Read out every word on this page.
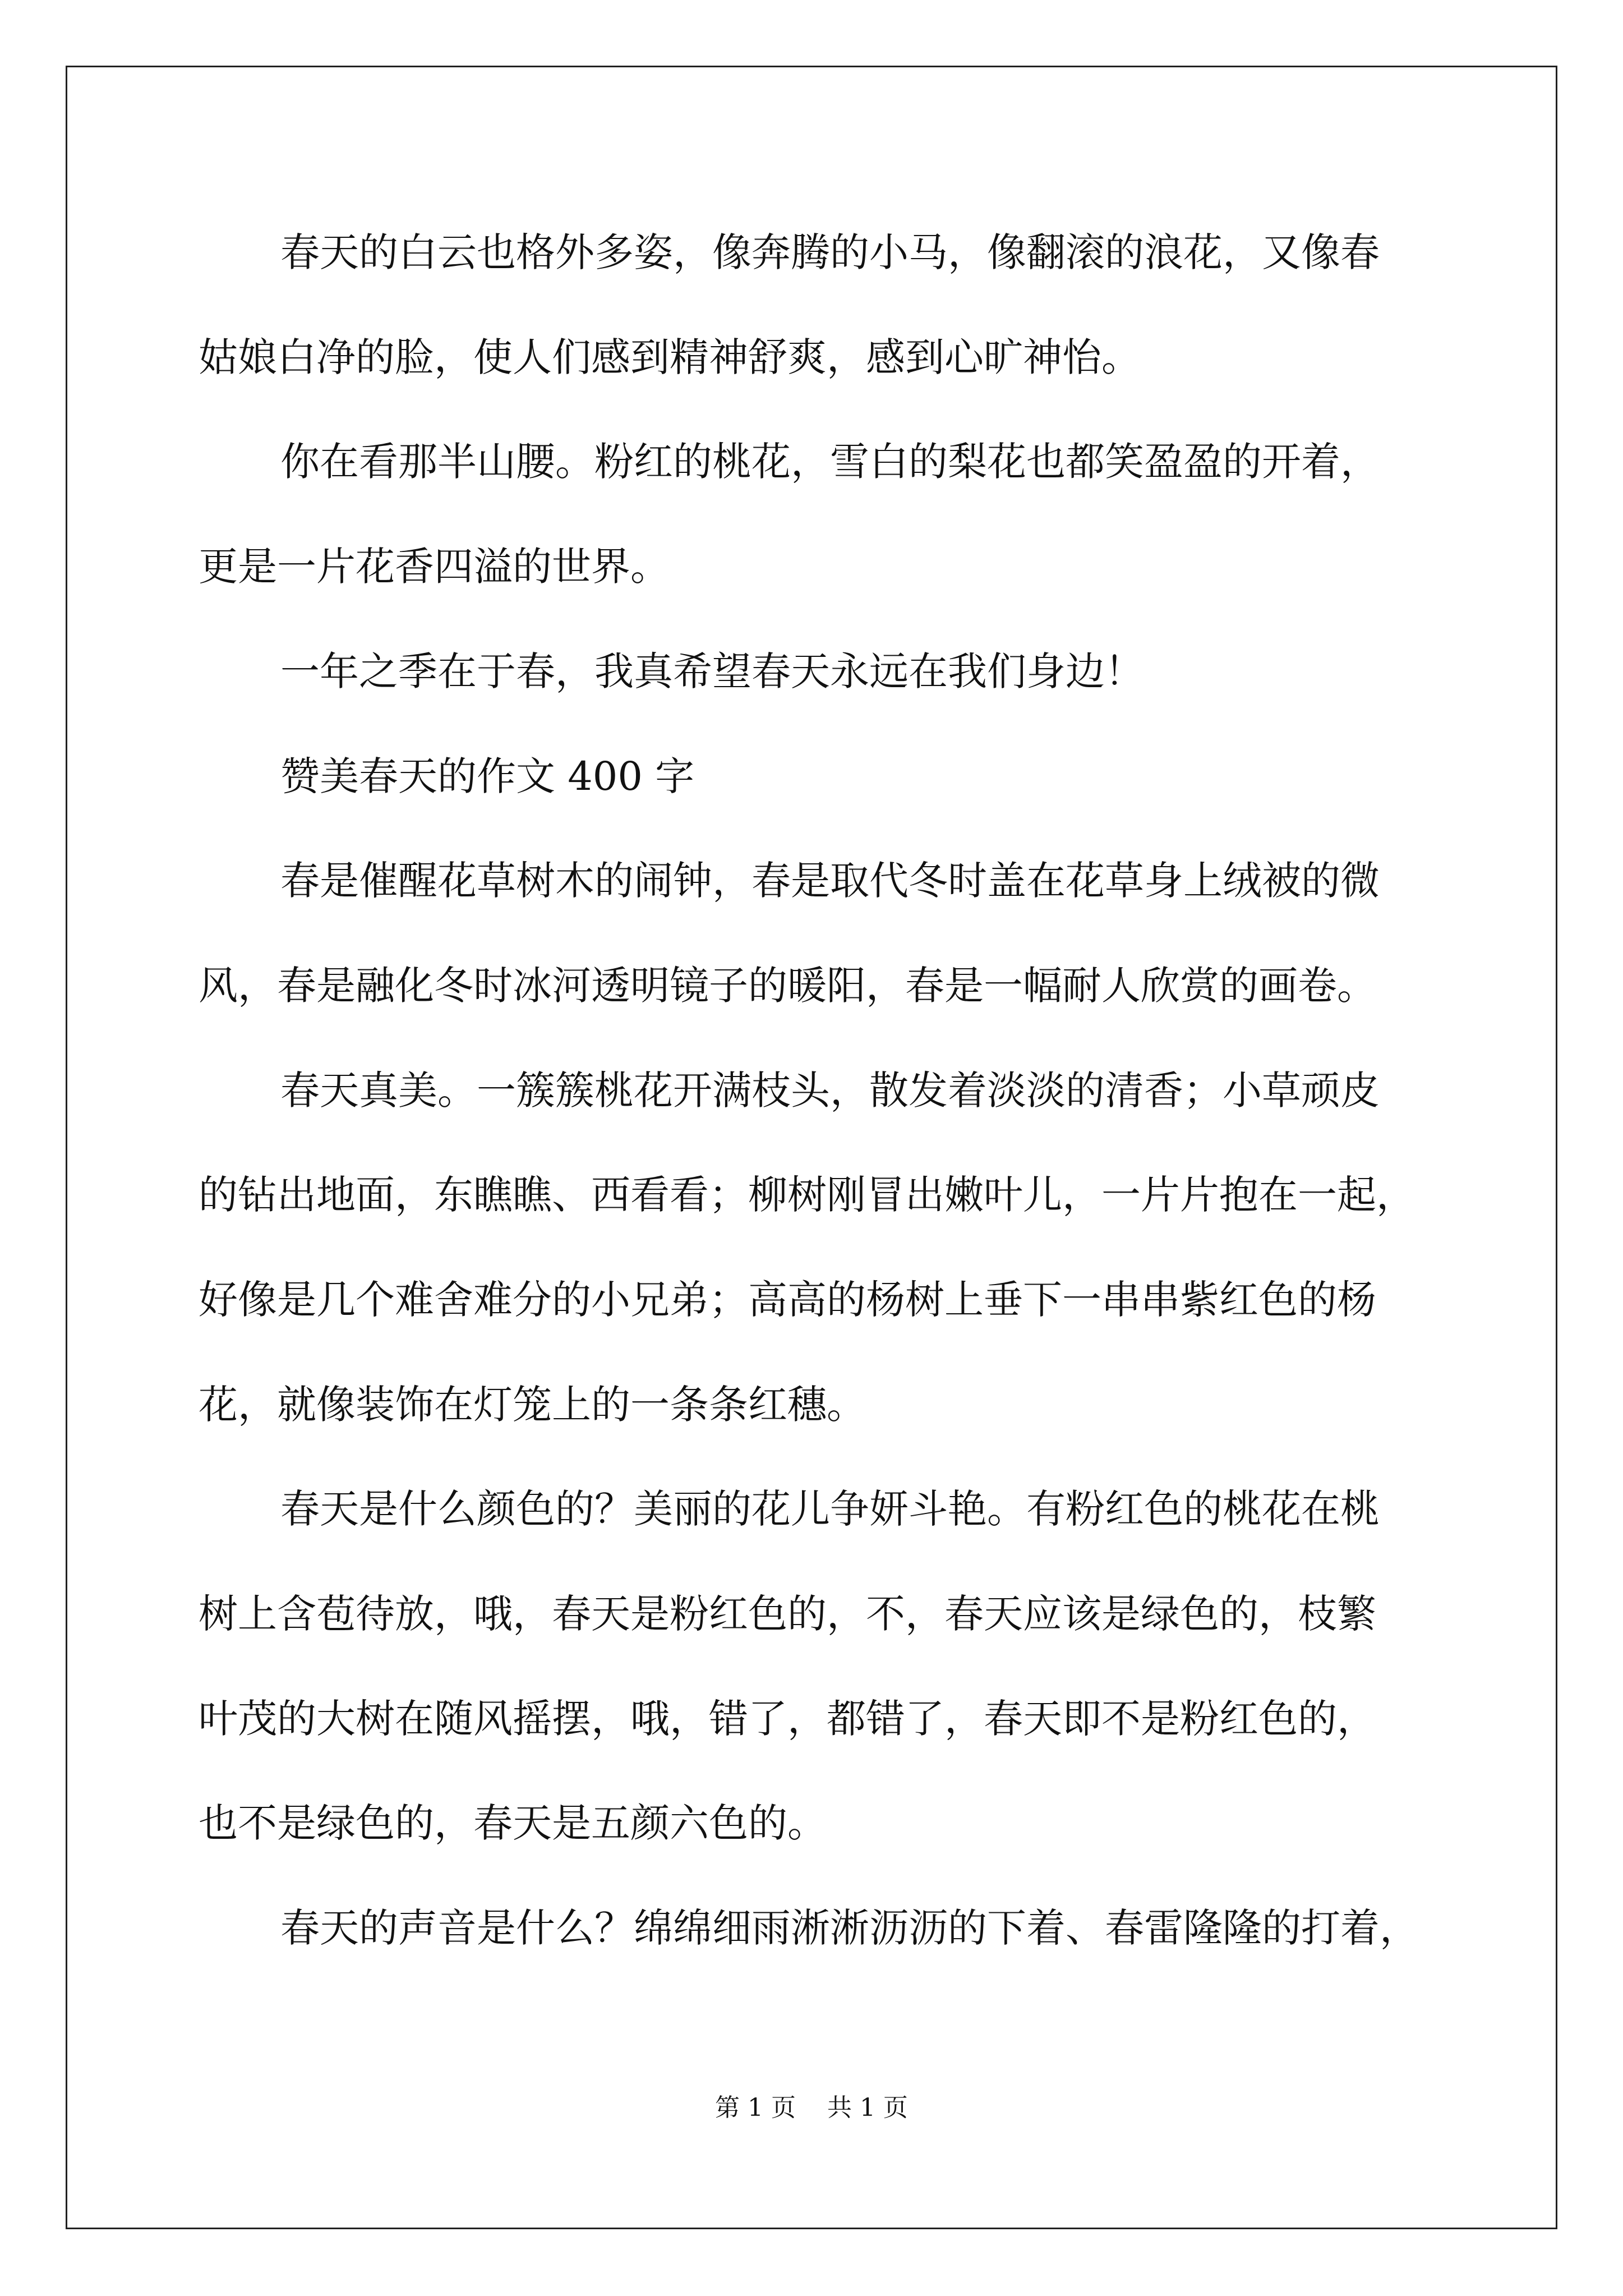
春天的白云也格外多姿，像奔腾的小马，像翻滚的浪花，又像春
姑娘白净的脸，使人们感到精神舒爽，感到心旷神怡。
你在看那半山腰。粉红的桃花，雪白的梨花也都笑盈盈的开着，
更是一片花香四溢的世界。
一年之季在于春，我真希望春天永远在我们身边！
赞美春天的作文 400 字
春是催醒花草树木的闹钟，春是取代冬时盖在花草身上绒被的微
风，春是融化冬时冰河透明镜子的暖阳，春是一幅耐人欣赏的画卷。
春天真美。一簇簇桃花开满枝头，散发着淡淡的清香；小草顽皮
的钻出地面，东瞧瞧、西看看；柳树刚冒出嫩叶儿，一片片抱在一起，
好像是几个难舍难分的小兄弟；高高的杨树上垂下一串串紫红色的杨
花，就像装饰在灯笼上的一条条红穗。
春天是什么颜色的？美丽的花儿争妍斗艳。有粉红色的桃花在桃
树上含苞待放，哦，春天是粉红色的，不，春天应该是绿色的，枝繁
叶茂的大树在随风摇摆，哦，错了，都错了，春天即不是粉红色的，
也不是绿色的，春天是五颜六色的。
春天的声音是什么？绵绵细雨淅淅沥沥的下着、春雷隆隆的打着，
第 1 页    共 1 页
